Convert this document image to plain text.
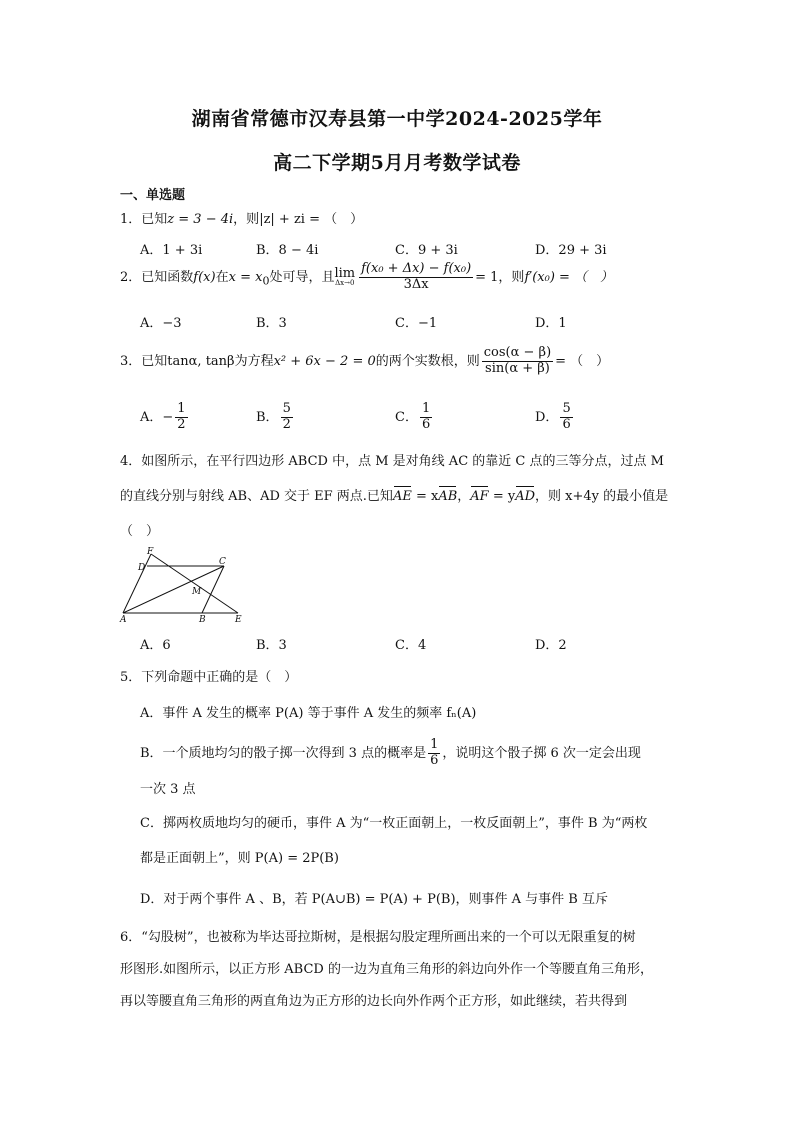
湖南省常德市汉寿县第一中学2024-2025学年
高二下学期5月月考数学试卷
一、单选题
1．已知z = 3 − 4i，则|z| + zi = （　）
A．1 + 3i	B．8 − 4i	C．9 + 3i	D．29 + 3i
2．已知函数f(x)在$x = x_0$处可导，且lim
$\Delta x\to 0 \frac{\text{f(x₀ + Δx) − f(x₀)}}{3\Delta x} = 1$，则f′(x₀) = （　）
A．−3	B．3	C．−1	D．1
3．已知tanα, tanβ为方程x² + 6x − 2 = 0的两个实数根，则 $\frac{\cos(\alpha - \beta)}{\sin(\alpha + \beta)}$ = （　）
A．− $\frac{1}{2}$	B． $\frac{5}{2}$	C． $\frac{1}{6}$	D． $\frac{5}{6}$
4．如图所示，在平行四边形 ABCD 中，点 M 是对角线 AC 的靠近 C 点的三等分点，过点 M
的直线分别与射线 AB、AD 交于 EF 两点.已知AE = xAB，AF = yAD，则 x+4y 的最小值是
（　）
F
D
C
M
A	B	E
A．6	B．3	C．4	D．2
5．下列命题中正确的是（　）
A．事件 A 发生的概率 P(A) 等于事件 A 发生的频率 fₙ(A)
B．一个质地均匀的骰子掷一次得到 3 点的概率是 $\frac{1}{6}$ ，说明这个骰子掷 6 次一定会出现
一次 3 点
C．掷两枚质地均匀的硬币，事件 A 为“一枚正面朝上，一枚反面朝上”，事件 B 为“两枚
都是正面朝上”，则 P(A) = 2P(B)
D．对于两个事件 A 、B，若 P(A∪B) = P(A) + P(B)，则事件 A 与事件 B 互斥
6．“勾股树”，也被称为毕达哥拉斯树，是根据勾股定理所画出来的一个可以无限重复的树
形图形.如图所示，以正方形 ABCD 的一边为直角三角形的斜边向外作一个等腰直角三角形，
再以等腰直角三角形的两直角边为正方形的边长向外作两个正方形，如此继续，若共得到
